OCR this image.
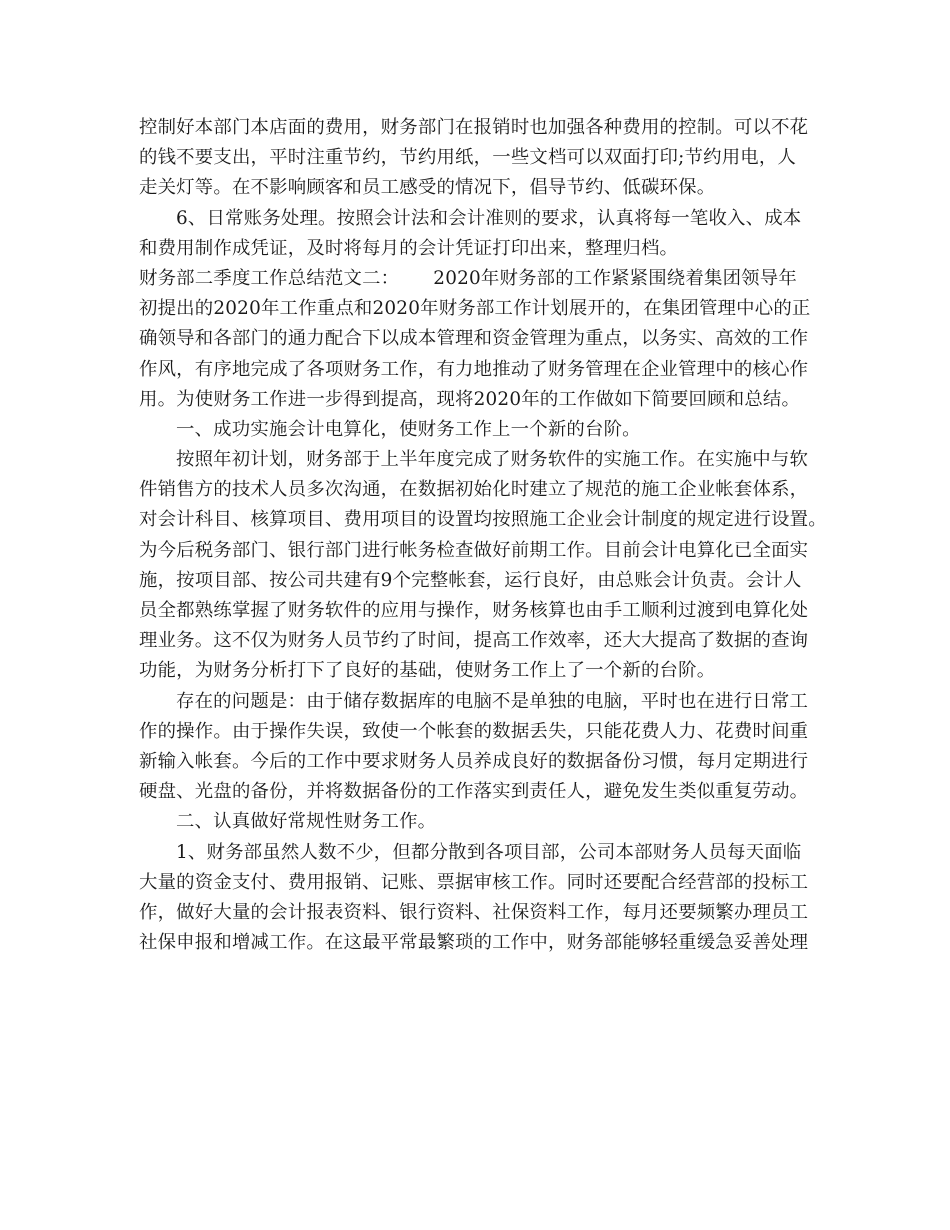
控制好本部门本店面的费用，财务部门在报销时也加强各种费用的控制。可以不花
的钱不要支出，平时注重节约，节约用纸，一些文档可以双面打印;节约用电，人
走关灯等。在不影响顾客和员工感受的情况下，倡导节约、低碳环保。
6、日常账务处理。按照会计法和会计准则的要求，认真将每一笔收入、成本
和费用制作成凭证，及时将每月的会计凭证打印出来，整理归档。
财务部二季度工作总结范文二：　　 2020年财务部的工作紧紧围绕着集团领导年
初提出的2020年工作重点和2020年财务部工作计划展开的，在集团管理中心的正
确领导和各部门的通力配合下以成本管理和资金管理为重点，以务实、高效的工作
作风，有序地完成了各项财务工作，有力地推动了财务管理在企业管理中的核心作
用。为使财务工作进一步得到提高，现将2020年的工作做如下简要回顾和总结。
一、成功实施会计电算化，使财务工作上一个新的台阶。
按照年初计划，财务部于上半年度完成了财务软件的实施工作。在实施中与软
件销售方的技术人员多次沟通，在数据初始化时建立了规范的施工企业帐套体系，
对会计科目、核算项目、费用项目的设置均按照施工企业会计制度的规定进行设置。
为今后税务部门、银行部门进行帐务检查做好前期工作。目前会计电算化已全面实
施，按项目部、按公司共建有9个完整帐套，运行良好，由总账会计负责。会计人
员全都熟练掌握了财务软件的应用与操作，财务核算也由手工顺利过渡到电算化处
理业务。这不仅为财务人员节约了时间，提高工作效率，还大大提高了数据的查询
功能，为财务分析打下了良好的基础，使财务工作上了一个新的台阶。
存在的问题是：由于储存数据库的电脑不是单独的电脑，平时也在进行日常工
作的操作。由于操作失误，致使一个帐套的数据丢失，只能花费人力、花费时间重
新输入帐套。今后的工作中要求财务人员养成良好的数据备份习惯，每月定期进行
硬盘、光盘的备份，并将数据备份的工作落实到责任人，避免发生类似重复劳动。
二、认真做好常规性财务工作。
1、财务部虽然人数不少，但都分散到各项目部，公司本部财务人员每天面临
大量的资金支付、费用报销、记账、票据审核工作。同时还要配合经营部的投标工
作，做好大量的会计报表资料、银行资料、社保资料工作，每月还要频繁办理员工
社保申报和增减工作。在这最平常最繁琐的工作中，财务部能够轻重缓急妥善处理
